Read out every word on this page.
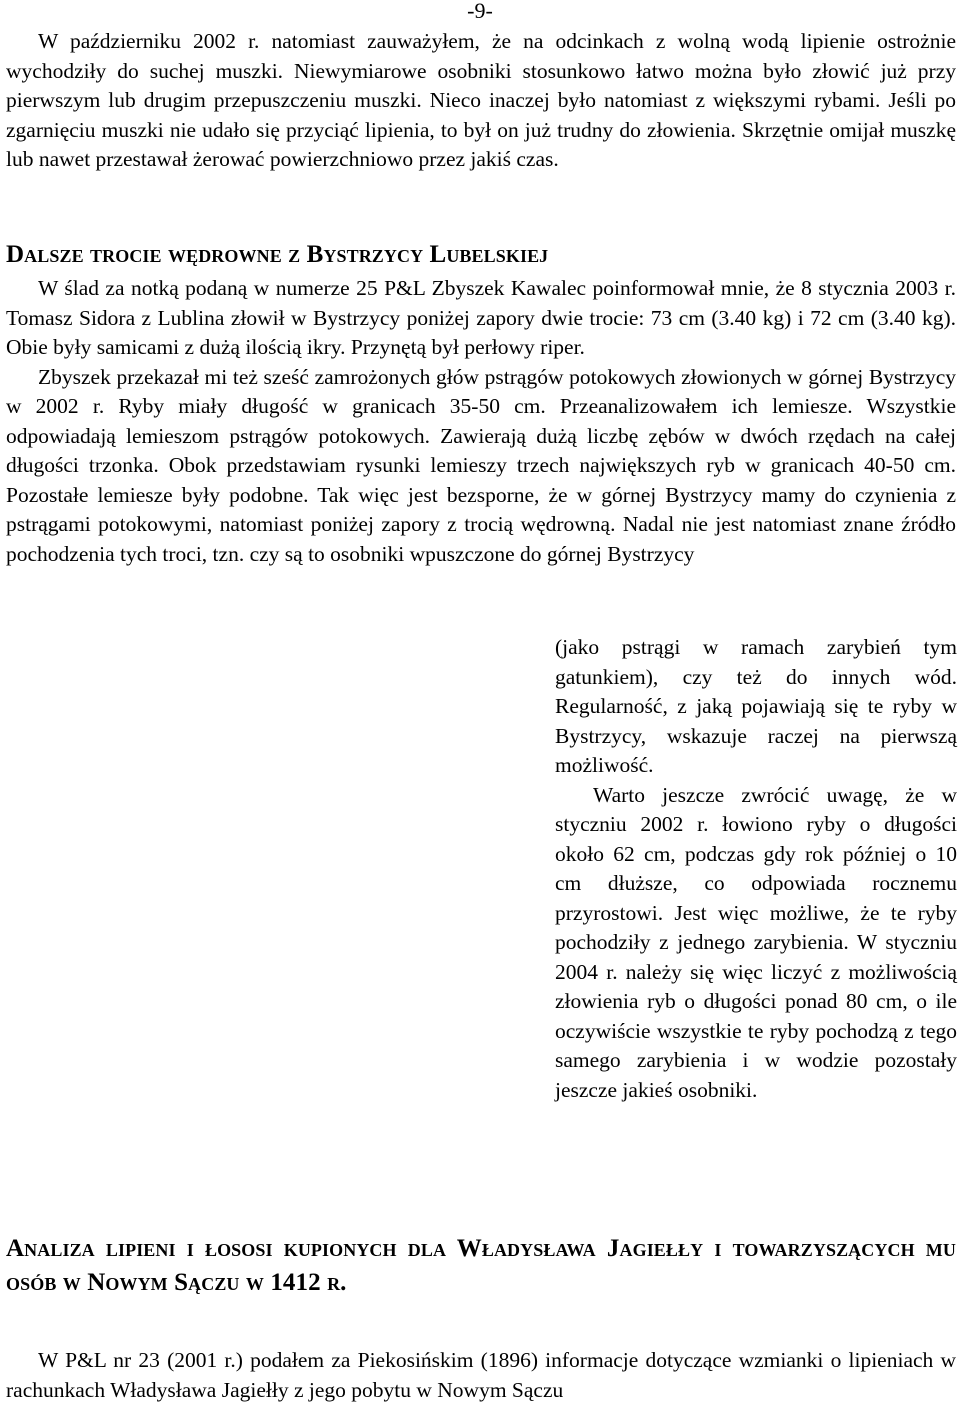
-9-

W październiku 2002 r. natomiast zauważyłem, że na odcinkach z wolną wodą lipienie ostrożnie wychodziły do suchej muszki. Niewymiarowe osobniki stosunkowo łatwo można było złowić już przy pierwszym lub drugim przepuszczeniu muszki. Nieco inaczej było natomiast z większymi rybami. Jeśli po zgarnięciu muszki nie udało się przyciąć lipienia, to był on już trudny do złowienia. Skrzętnie omijał muszkę lub nawet przestawał żerować powierzchniowo przez jakiś czas.

Dalsze trocie wędrowne z Bystrzycy Lubelskiej

W ślad za notką podaną w numerze 25 P&L Zbyszek Kawalec poinformował mnie, że 8 stycznia 2003 r. Tomasz Sidora z Lublina złowił w Bystrzycy poniżej zapory dwie trocie: 73 cm (3.40 kg) i 72 cm (3.40 kg). Obie były samicami z dużą ilością ikry. Przynętą był perłowy riper.

Zbyszek przekazał mi też sześć zamrożonych głów pstrągów potokowych złowionych w górnej Bystrzycy w 2002 r. Ryby miały długość w granicach 35-50 cm. Przeanalizowałem ich lemiesze. Wszystkie odpowiadają lemieszom pstrągów potokowych. Zawierają dużą liczbę zębów w dwóch rzędach na całej długości trzonka. Obok przedstawiam rysunki lemieszy trzech największych ryb w granicach 40-50 cm. Pozostałe lemiesze były podobne. Tak więc jest bezsporne, że w górnej Bystrzycy mamy do czynienia z pstrągami potokowymi, natomiast poniżej zapory z trocią wędrowną. Nadal nie jest natomiast znane źródło pochodzenia tych troci, tzn. czy są to osobniki wpuszczone do górnej Bystrzycy

(jako pstrągi w ramach zarybień tym gatunkiem), czy też do innych wód. Regularność, z jaką pojawiają się te ryby w Bystrzycy, wskazuje raczej na pierwszą możliwość.

Warto jeszcze zwrócić uwagę, że w styczniu 2002 r. łowiono ryby o długości około 62 cm, podczas gdy rok później o 10 cm dłuższe, co odpowiada rocznemu przyrostowi. Jest więc możliwe, że te ryby pochodziły z jednego zarybienia. W styczniu 2004 r. należy się więc liczyć z możliwością złowienia ryb o długości ponad 80 cm, o ile oczywiście wszystkie te ryby pochodzą z tego samego zarybienia i w wodzie pozostały jeszcze jakieś osobniki.

Analiza lipieni i łososi kupionych dla Władysława Jagiełły i towarzyszących mu osób w Nowym Sączu w 1412 r.

W P&L nr 23 (2001 r.) podałem za Piekosińskim (1896) informacje dotyczące wzmianki o lipieniach w rachunkach Władysława Jagiełły z jego pobytu w Nowym Sączu
